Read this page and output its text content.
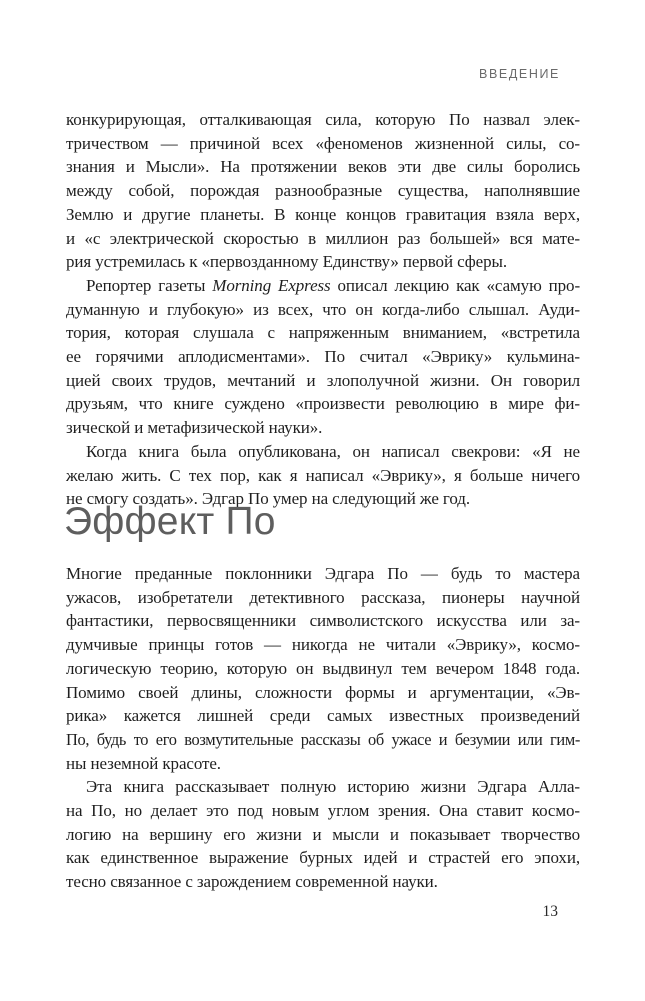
ВВЕДЕНИЕ
конкурирующая, отталкивающая сила, которую По назвал элек-
тричеством — причиной всех «феноменов жизненной силы, со-
знания и Мысли». На протяжении веков эти две силы боролись
между собой, порождая разнообразные существа, наполнявшие
Землю и другие планеты. В конце концов гравитация взяла верх,
и «с электрической скоростью в миллион раз большей» вся мате-
рия устремилась к «первозданному Единству» первой сферы.
Репортер газеты Morning Express описал лекцию как «самую про-
думанную и глубокую» из всех, что он когда-либо слышал. Ауди-
тория, которая слушала с напряженным вниманием, «встретила
ее горячими аплодисментами». По считал «Эврику» кульмина-
цией своих трудов, мечтаний и злополучной жизни. Он говорил
друзьям, что книге суждено «произвести революцию в мире фи-
зической и метафизической науки».
Когда книга была опубликована, он написал свекрови: «Я не
желаю жить. С тех пор, как я написал «Эврику», я больше ничего
не смогу создать». Эдгар По умер на следующий же год.
Эффект По
Многие преданные поклонники Эдгара По — будь то мастера
ужасов, изобретатели детективного рассказа, пионеры научной
фантастики, первосвященники символистского искусства или за-
думчивые принцы готов — никогда не читали «Эврику», космо-
логическую теорию, которую он выдвинул тем вечером 1848 года.
Помимо своей длины, сложности формы и аргументации, «Эв-
рика» кажется лишней среди самых известных произведений
По, будь то его возмутительные рассказы об ужасе и безумии или гим-
ны неземной красоте.
Эта книга рассказывает полную историю жизни Эдгара Алла-
на По, но делает это под новым углом зрения. Она ставит космо-
логию на вершину его жизни и мысли и показывает творчество
как единственное выражение бурных идей и страстей его эпохи,
тесно связанное с зарождением современной науки.
13
